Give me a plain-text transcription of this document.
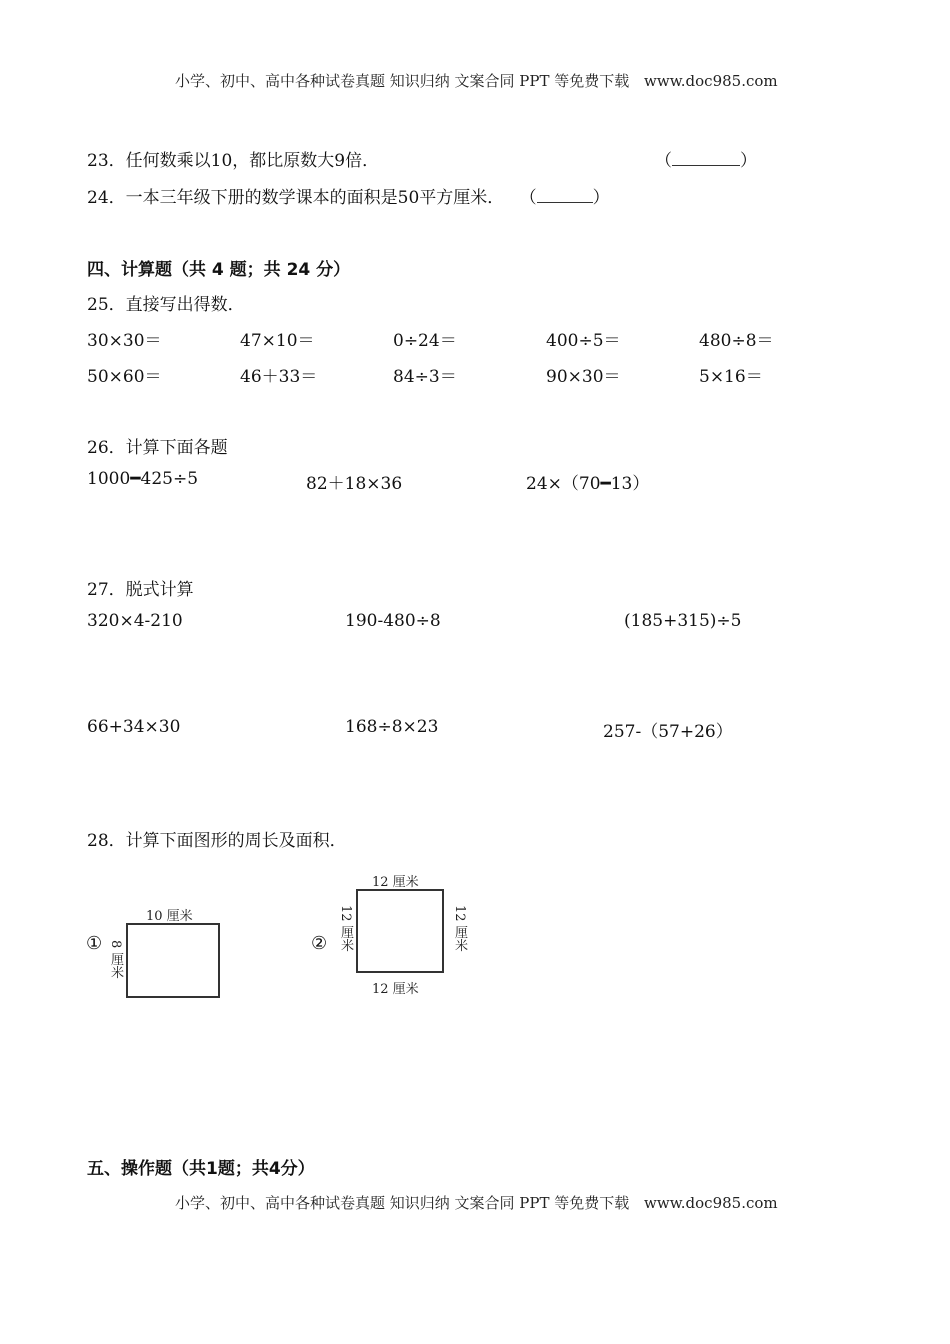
小学、初中、高中各种试卷真题 知识归纳 文案合同 PPT 等免费下载 www.doc985.com
23．任何数乘以10，都比原数大9倍．	（	）
24．一本三年级下册的数学课本的面积是50平方厘米． （	）
四、计算题（共 4 题；共 24 分）
25．直接写出得数．
30×30＝	47×10＝	0÷24＝	400÷5＝	480÷8＝
50×60＝	46＋33＝	84÷3＝	90×30＝	5×16＝
26．计算下面各题
1000━425÷5	82＋18×36	24×（70━13）
27．脱式计算
320×4-210	190-480÷8	(185+315)÷5
66+34×30	168÷8×23	257-（57+26）
28．计算下面图形的周长及面积．
①
10 厘米
8 厘米	②
12 厘米
12 厘米	12 厘米
12 厘米
五、操作题（共1题；共4分）
小学、初中、高中各种试卷真题 知识归纳 文案合同 PPT 等免费下载 www.doc985.com
